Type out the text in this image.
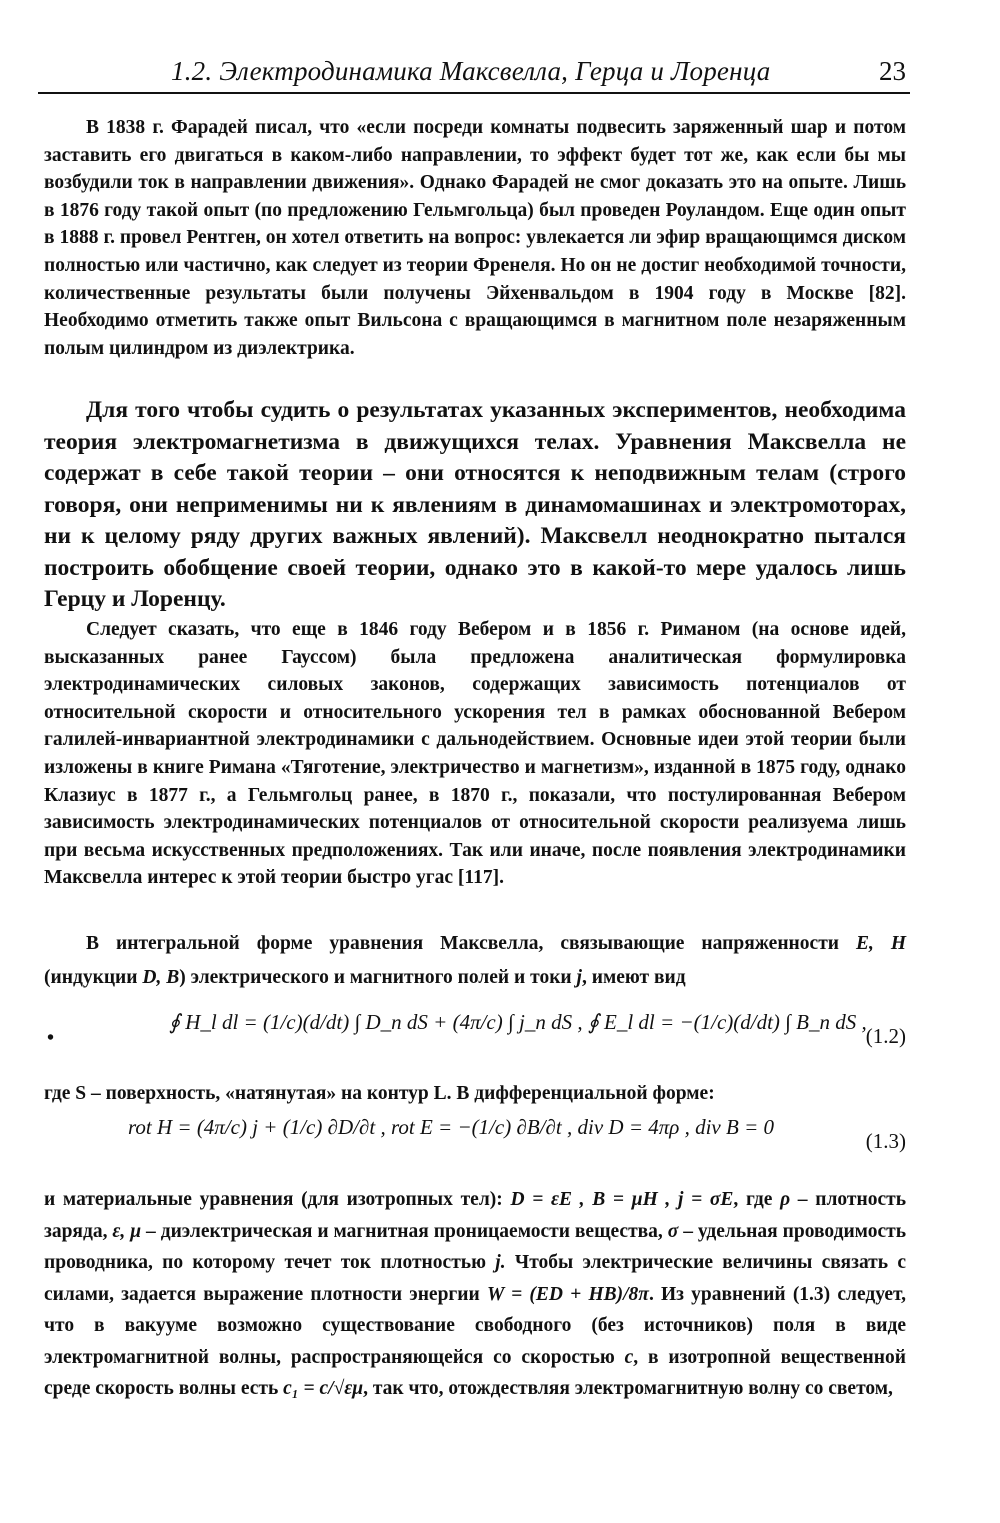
1.2. Электродинамика Максвелла, Герца и Лоренца	23

В 1838 г. Фарадей писал, что «если посреди комнаты подвесить заряженный шар и потом заставить его двигаться в каком-либо направлении, то эффект будет тот же, как если бы мы возбудили ток в направлении движения». Однако Фарадей не смог доказать это на опыте. Лишь в 1876 году такой опыт (по предложению Гельмгольца) был проведен Роуландом. Еще один опыт в 1888 г. провел Рентген, он хотел ответить на вопрос: увлекается ли эфир вращающимся диском полностью или частично, как следует из теории Френеля. Но он не достиг необходимой точности, количественные результаты были получены Эйхенвальдом в 1904 году в Москве [82]. Необходимо отметить также опыт Вильсона с вращающимся в магнитном поле незаряженным полым цилиндром из диэлектрика.

Для того чтобы судить о результатах указанных экспериментов, необходима теория электромагнетизма в движущихся телах. Уравнения Максвелла не содержат в себе такой теории – они относятся к неподвижным телам (строго говоря, они неприменимы ни к явлениям в динамомашинах и электромоторах, ни к целому ряду других важных явлений). Максвелл неоднократно пытался построить обобщение своей теории, однако это в какой-то мере удалось лишь Герцу и Лоренцу.

Следует сказать, что еще в 1846 году Вебером и в 1856 г. Риманом (на основе идей, высказанных ранее Гауссом) была предложена аналитическая формулировка электродинамических силовых законов, содержащих зависимость потенциалов от относительной скорости и относительного ускорения тел в рамках обоснованной Вебером галилей-инвариантной электродинамики с дальнодействием. Основные идеи этой теории были изложены в книге Римана «Тяготение, электричество и магнетизм», изданной в 1875 году, однако Клазиус в 1877 г., а Гельмгольц ранее, в 1870 г., показали, что постулированная Вебером зависимость электродинамических потенциалов от относительной скорости реализуема лишь при весьма искусственных предположениях. Так или иначе, после появления электродинамики Максвелла интерес к этой теории быстро угас [117].

В интегральной форме уравнения Максвелла, связывающие напряженности E, H (индукции D, B) электрического и магнитного полей и токи j, имеют вид

•
∮ H_l dl = (1/c)(d/dt) ∫ D_n dS + (4π/c) ∫ j_n dS , ∮ E_l dl = −(1/c)(d/dt) ∫ B_n dS ,
(1.2)

где S – поверхность, «натянутая» на контур L. В дифференциальной форме:

rot H = (4π/c) j + (1/c) ∂D/∂t , rot E = −(1/c) ∂B/∂t , div D = 4πρ , div B = 0
(1.3)

и материальные уравнения (для изотропных тел): D = εE , B = μH , j = σE, где ρ – плотность заряда, ε, μ – диэлектрическая и магнитная проницаемости вещества, σ – удельная проводимость проводника, по которому течет ток плотностью j. Чтобы электрические величины связать с силами, задается выражение плотности энергии W = (ED + HB)/8π. Из уравнений (1.3) следует, что в вакууме возможно существование свободного (без источников) поля в виде электромагнитной волны, распространяющейся со скоростью c, в изотропной вещественной среде скорость волны есть c₁ = c/√εμ, так что, отождествляя электромагнитную волну со светом,
